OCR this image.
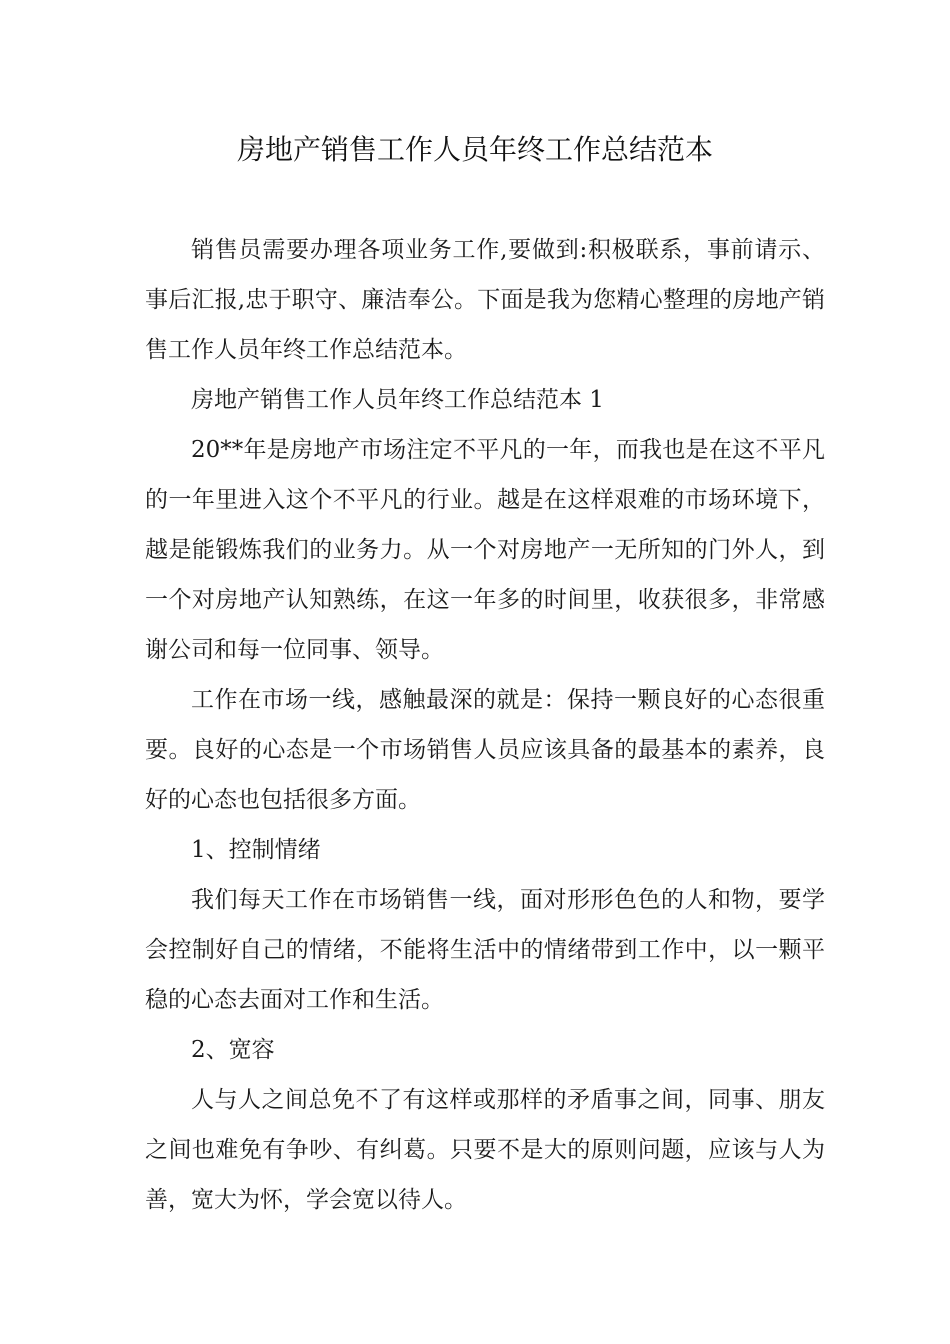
房地产销售工作人员年终工作总结范本

销售员需要办理各项业务工作,要做到:积极联系，事前请示、事后汇报,忠于职守、廉洁奉公。下面是我为您精心整理的房地产销售工作人员年终工作总结范本。

房地产销售工作人员年终工作总结范本 1

20**年是房地产市场注定不平凡的一年，而我也是在这不平凡的一年里进入这个不平凡的行业。越是在这样艰难的市场环境下，越是能锻炼我们的业务力。从一个对房地产一无所知的门外人，到一个对房地产认知熟练，在这一年多的时间里，收获很多，非常感谢公司和每一位同事、领导。

工作在市场一线，感触最深的就是：保持一颗良好的心态很重要。良好的心态是一个市场销售人员应该具备的最基本的素养，良好的心态也包括很多方面。

1、控制情绪

我们每天工作在市场销售一线，面对形形色色的人和物，要学会控制好自己的情绪，不能将生活中的情绪带到工作中，以一颗平稳的心态去面对工作和生活。

2、宽容

人与人之间总免不了有这样或那样的矛盾事之间，同事、朋友之间也难免有争吵、有纠葛。只要不是大的原则问题，应该与人为善，宽大为怀，学会宽以待人。
